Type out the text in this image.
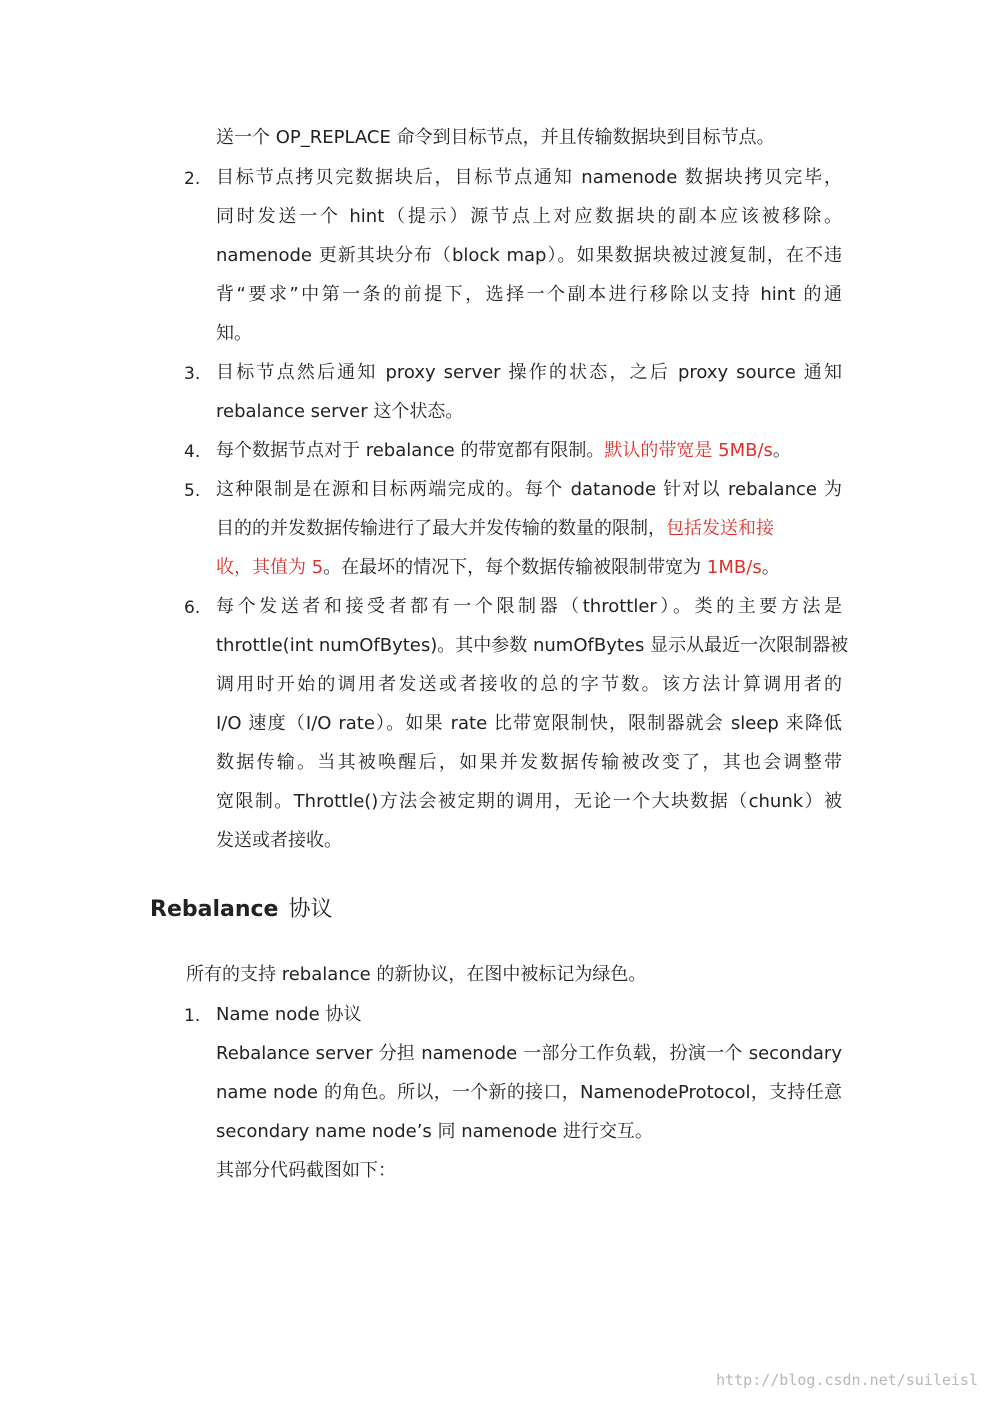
送一个 OP_REPLACE 命令到目标节点，并且传输数据块到目标节点。
2. 目标节点拷贝完数据块后，目标节点通知 namenode 数据块拷贝完毕，
同时发送一个 hint（提示）源节点上对应数据块的副本应该被移除。
namenode 更新其块分布（block map）。如果数据块被过渡复制，在不违
背“要求”中第一条的前提下，选择一个副本进行移除以支持 hint 的通
知。
3. 目标节点然后通知 proxy server 操作的状态，之后 proxy source 通知
rebalance server 这个状态。
4. 每个数据节点对于 rebalance 的带宽都有限制。默认的带宽是 5MB/s。
5. 这种限制是在源和目标两端完成的。每个 datanode 针对以 rebalance 为
目的的并发数据传输进行了最大并发传输的数量的限制，包括发送和接
收，其值为 5。在最坏的情况下，每个数据传输被限制带宽为 1MB/s。
6. 每个发送者和接受者都有一个限制器（throttler）。类的主要方法是
throttle(int numOfBytes)。其中参数 numOfBytes 显示从最近一次限制器被
调用时开始的调用者发送或者接收的总的字节数。该方法计算调用者的
I/O 速度（I/O rate）。如果 rate 比带宽限制快，限制器就会 sleep 来降低
数据传输。当其被唤醒后，如果并发数据传输被改变了，其也会调整带
宽限制。Throttle()方法会被定期的调用，无论一个大块数据（chunk）被
发送或者接收。
Rebalance 协议
所有的支持 rebalance 的新协议，在图中被标记为绿色。
1. Name node 协议
Rebalance server 分担 namenode 一部分工作负载，扮演一个 secondary
name node 的角色。所以，一个新的接口，NamenodeProtocol，支持任意
secondary name node’s 同 namenode 进行交互。
其部分代码截图如下：
http://blog.csdn.net/suileisl
